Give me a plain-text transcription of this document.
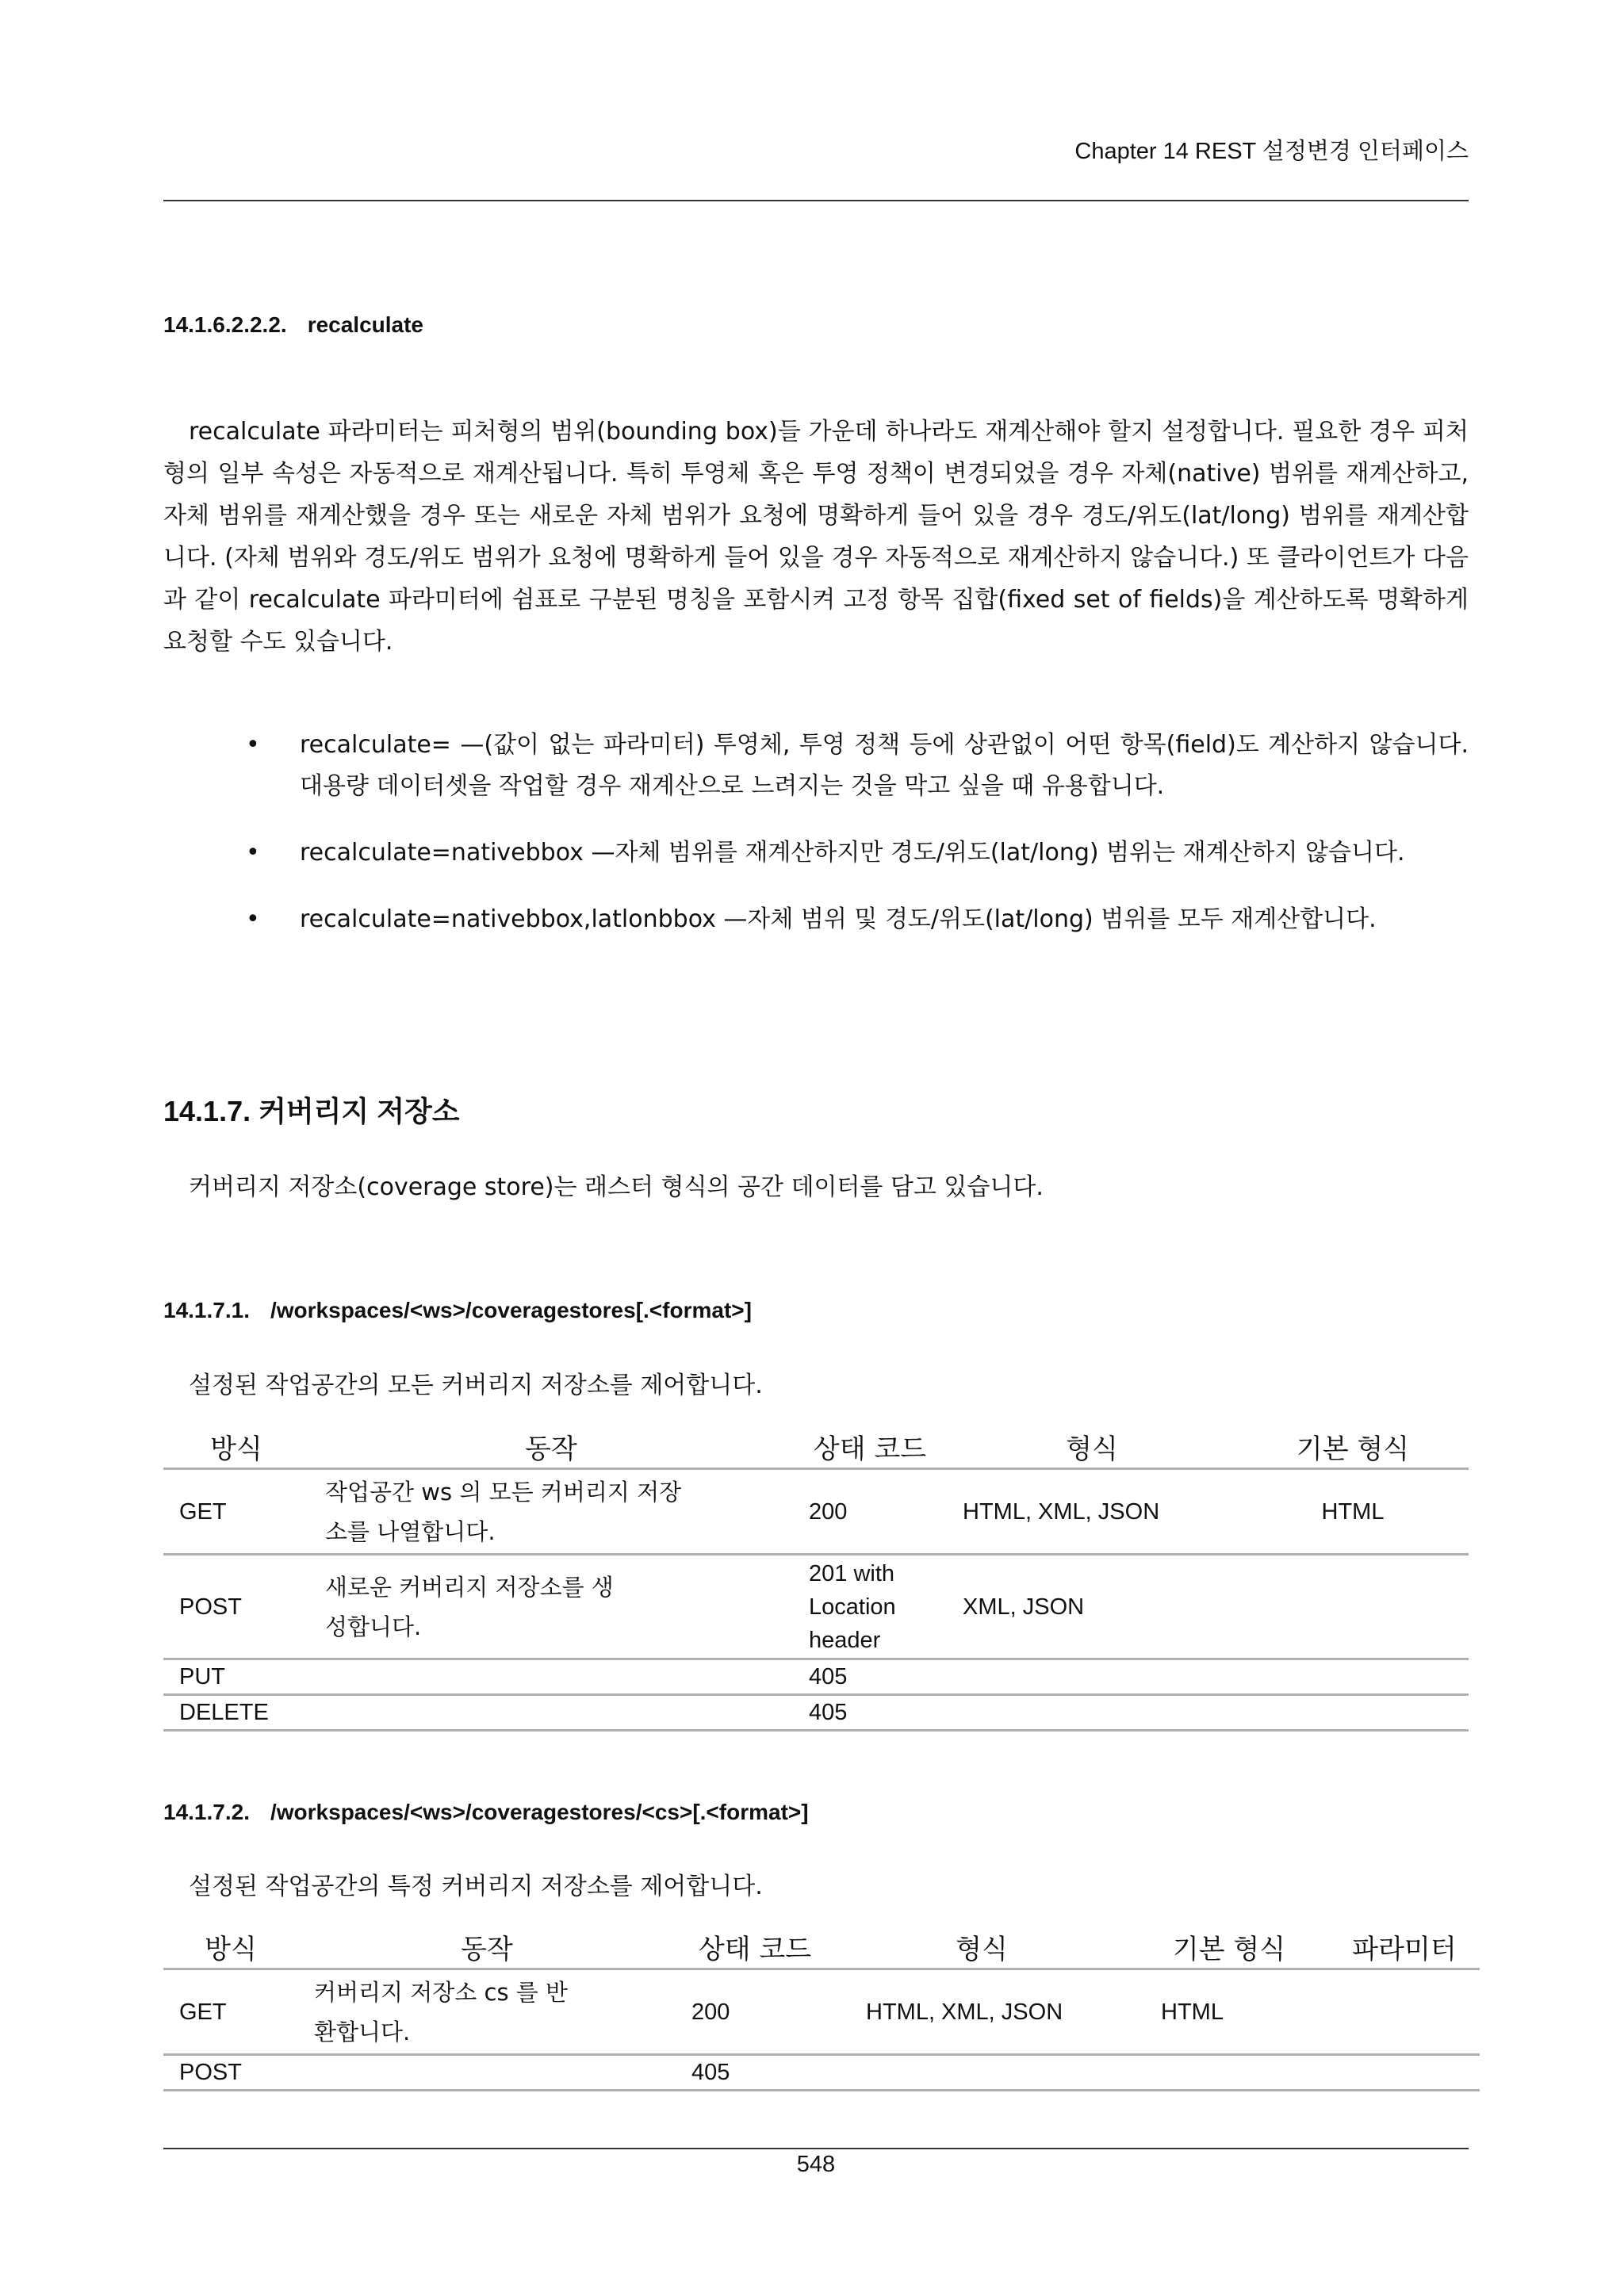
Chapter 14 REST 설정변경 인터페이스
14.1.6.2.2.2. recalculate
recalculate 파라미터는 피처형의 범위(bounding box)들 가운데 하나라도 재계산해야 할지 설정합니다. 필요한 경우 피처형의 일부 속성은 자동적으로 재계산됩니다. 특히 투영체 혹은 투영 정책이 변경되었을 경우 자체(native) 범위를 재계산하고, 자체 범위를 재계산했을 경우 또는 새로운 자체 범위가 요청에 명확하게 들어 있을 경우 경도/위도(lat/long) 범위를 재계산합니다. (자체 범위와 경도/위도 범위가 요청에 명확하게 들어 있을 경우 자동적으로 재계산하지 않습니다.) 또 클라이언트가 다음과 같이 recalculate 파라미터에 쉼표로 구분된 명칭을 포함시켜 고정 항목 집합(fixed set of fields)을 계산하도록 명확하게 요청할 수도 있습니다.
• recalculate= —(값이 없는 파라미터) 투영체, 투영 정책 등에 상관없이 어떤 항목(field)도 계산하지 않습니다. 대용량 데이터셋을 작업할 경우 재계산으로 느려지는 것을 막고 싶을 때 유용합니다.
• recalculate=nativebbox —자체 범위를 재계산하지만 경도/위도(lat/long) 범위는 재계산하지 않습니다.
• recalculate=nativebbox,latlonbbox —자체 범위 및 경도/위도(lat/long) 범위를 모두 재계산합니다.
14.1.7. 커버리지 저장소
커버리지 저장소(coverage store)는 래스터 형식의 공간 데이터를 담고 있습니다.
14.1.7.1. /workspaces/<ws>/coveragestores[.<format>]
설정된 작업공간의 모든 커버리지 저장소를 제어합니다.
방식	동작	상태 코드	형식	기본 형식
GET	작업공간 ws 의 모든 커버리지 저장소를 나열합니다.	200	HTML, XML, JSON	HTML
POST	새로운 커버리지 저장소를 생성합니다.	201 with Location header	XML, JSON	
PUT		405		
DELETE		405		
14.1.7.2. /workspaces/<ws>/coveragestores/<cs>[.<format>]
설정된 작업공간의 특정 커버리지 저장소를 제어합니다.
방식	동작	상태 코드	형식	기본 형식	파라미터
GET	커버리지 저장소 cs 를 반환합니다.	200	HTML, XML, JSON	HTML	
POST		405			
548
